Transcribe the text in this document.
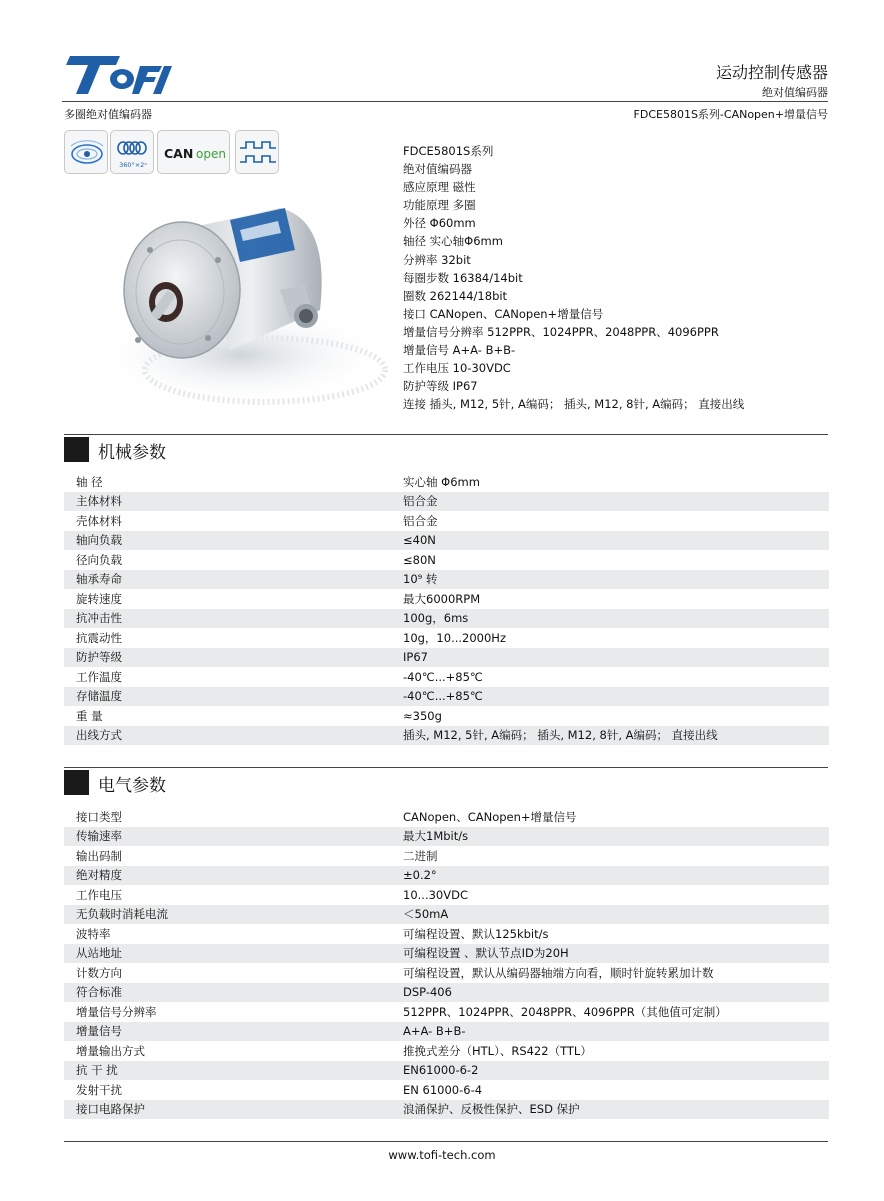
运动控制传感器
绝对值编码器
多圈绝对值编码器	FDCE5801S系列-CANopen+增量信号
360°×2ⁿ
CAN open	FDCE5801S系列
绝对值编码器
感应原理 磁性
功能原理 多圈
外径 Φ60mm
轴径 实心轴Φ6mm
分辨率 32bit
每圈步数 16384/14bit
圈数 262144/18bit
接口 CANopen、CANopen+增量信号
增量信号分辨率 512PPR、1024PPR、2048PPR、4096PPR
增量信号 A+A- B+B-
工作电压 10-30VDC
防护等级 IP67
连接 插头, M12, 5针, A编码； 插头, M12, 8针, A编码； 直接出线
机械参数
轴 径	实心轴 Φ6mm
主体材料	铝合金
壳体材料	铝合金
轴向负载	≤40N
径向负载	≤80N
轴承寿命	10⁹ 转
旋转速度	最大6000RPM
抗冲击性	100g，6ms
抗震动性	10g，10...2000Hz
防护等级	IP67
工作温度	-40℃...+85℃
存储温度	-40℃...+85℃
重 量	≈350g
出线方式	插头, M12, 5针, A编码； 插头, M12, 8针, A编码； 直接出线
电气参数
接口类型	CANopen、CANopen+增量信号
传输速率	最大1Mbit/s
输出码制	二进制
绝对精度	±0.2°
工作电压	10...30VDC
无负载时消耗电流	＜50mA
波特率	可编程设置、默认125kbit/s
从站地址	可编程设置 、默认节点ID为20H
计数方向	可编程设置，默认从编码器轴端方向看，顺时针旋转累加计数
符合标准	DSP-406
增量信号分辨率	512PPR、1024PPR、2048PPR、4096PPR（其他值可定制）
增量信号	A+A- B+B-
增量输出方式	推挽式差分（HTL）、RS422（TTL）
抗 干 扰	EN61000-6-2
发射干扰	EN 61000-6-4
接口电路保护	浪涌保护、反极性保护、ESD 保护
www.tofi-tech.com
